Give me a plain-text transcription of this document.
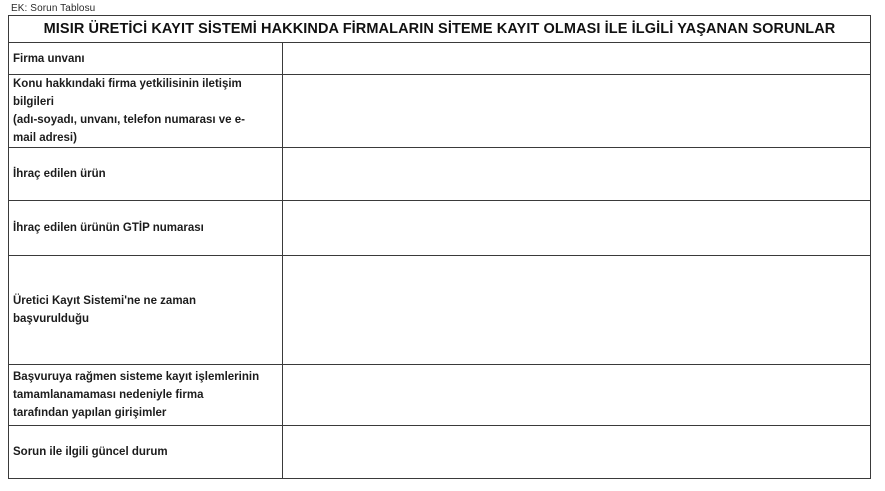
EK: Sorun Tablosu
MISIR ÜRETİCİ KAYIT SİSTEMİ HAKKINDA FİRMALARIN SİTEME KAYIT OLMASI İLE İLGİLİ YAŞANAN SORUNLAR	

Firma unvanı	

Konu hakkındaki firma yetkilisinin iletişim
bilgileri
(adı-soyadı, unvanı, telefon numarası ve e-
mail adresi)	

İhraç edilen ürün	

İhraç edilen ürünün GTİP numarası	

Üretici Kayıt Sistemi'ne ne zaman
başvurulduğu	

Başvuruya rağmen sisteme kayıt işlemlerinin
tamamlanamaması nedeniyle firma
tarafından yapılan girişimler	

Sorun ile ilgili güncel durum	
